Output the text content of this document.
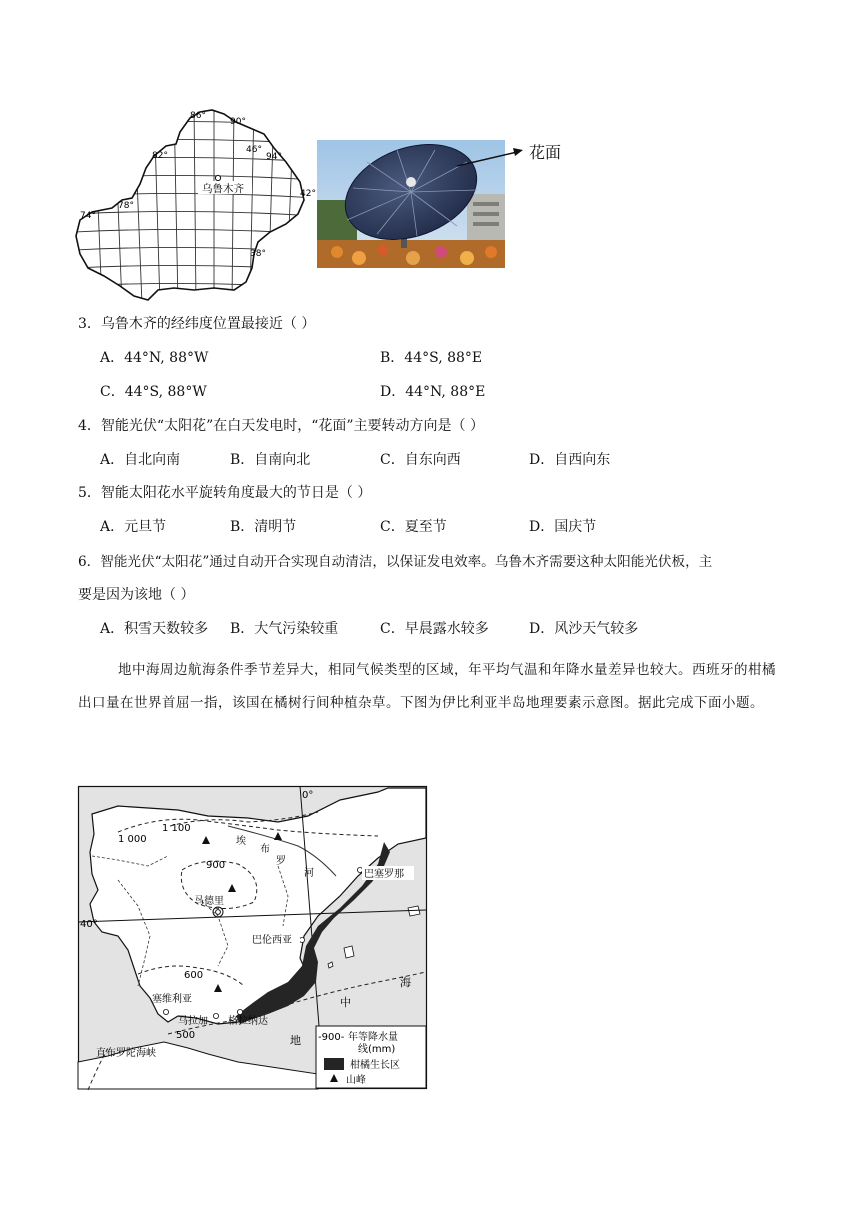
乌鲁木齐
86°
90°
82°	94°
78°
74°
46°
42°
38°
花面
3．乌鲁木齐的经纬度位置最接近（ ）
A．44°N, 88°W	B．44°S, 88°E
C．44°S, 88°W	D．44°N, 88°E
4．智能光伏“太阳花”在白天发电时，“花面”主要转动方向是（ ）
A．自北向南	B．自南向北	C．自东向西	D．自西向东
5．智能太阳花水平旋转角度最大的节日是（ ）
A．元旦节	B．清明节	C．夏至节	D．国庆节
6．智能光伏“太阳花”通过自动开合实现自动清洁，以保证发电效率。乌鲁木齐需要这种太阳能光伏板，主
要是因为该地（ ）
A．积雪天数较多 B．大气污染较重	C．早晨露水较多	D．风沙天气较多
地中海周边航海条件季节差异大，相同气候类型的区域，年平均气温和年降水量差异也较大。西班牙的柑橘出口量在世界首屈一指，该国在橘树行间种植杂草。下图为伊比利亚半岛地理要素示意图。据此完成下面小题。
0°
40°
1 100
1 000
900
600
500
埃
布
罗
河	巴塞罗那
马德里
巴伦西亚
塞维利亚
马拉加 格拉纳达
直布罗陀海峡
地
中
海
-900- 年等降水量
线(mm)
柑橘生长区
山峰
